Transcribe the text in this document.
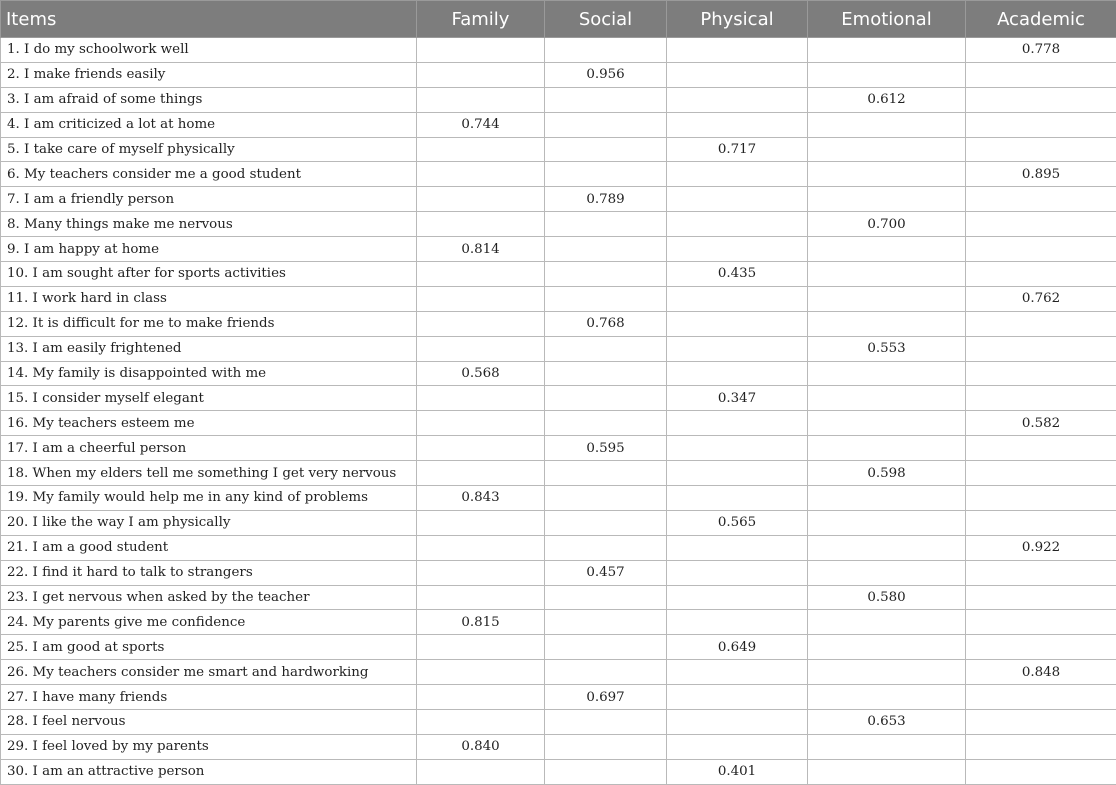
Items	Family	Social	Physical	Emotional	Academic
1. I do my schoolwork well					0.778
2. I make friends easily		0.956			
3. I am afraid of some things				0.612	
4. I am criticized a lot at home	0.744				
5. I take care of myself physically			0.717		
6. My teachers consider me a good student					0.895
7. I am a friendly person		0.789			
8. Many things make me nervous				0.700	
9. I am happy at home	0.814				
10. I am sought after for sports activities			0.435		
11. I work hard in class					0.762
12. It is difficult for me to make friends		0.768			
13. I am easily frightened				0.553	
14. My family is disappointed with me	0.568				
15. I consider myself elegant			0.347		
16. My teachers esteem me					0.582
17. I am a cheerful person		0.595			
18. When my elders tell me something I get very nervous				0.598	
19. My family would help me in any kind of problems	0.843				
20. I like the way I am physically			0.565		
21. I am a good student					0.922
22. I find it hard to talk to strangers		0.457			
23. I get nervous when asked by the teacher				0.580	
24. My parents give me confidence	0.815				
25. I am good at sports			0.649		
26. My teachers consider me smart and hardworking					0.848
27. I have many friends		0.697			
28. I feel nervous				0.653	
29. I feel loved by my parents	0.840				
30. I am an attractive person			0.401		
